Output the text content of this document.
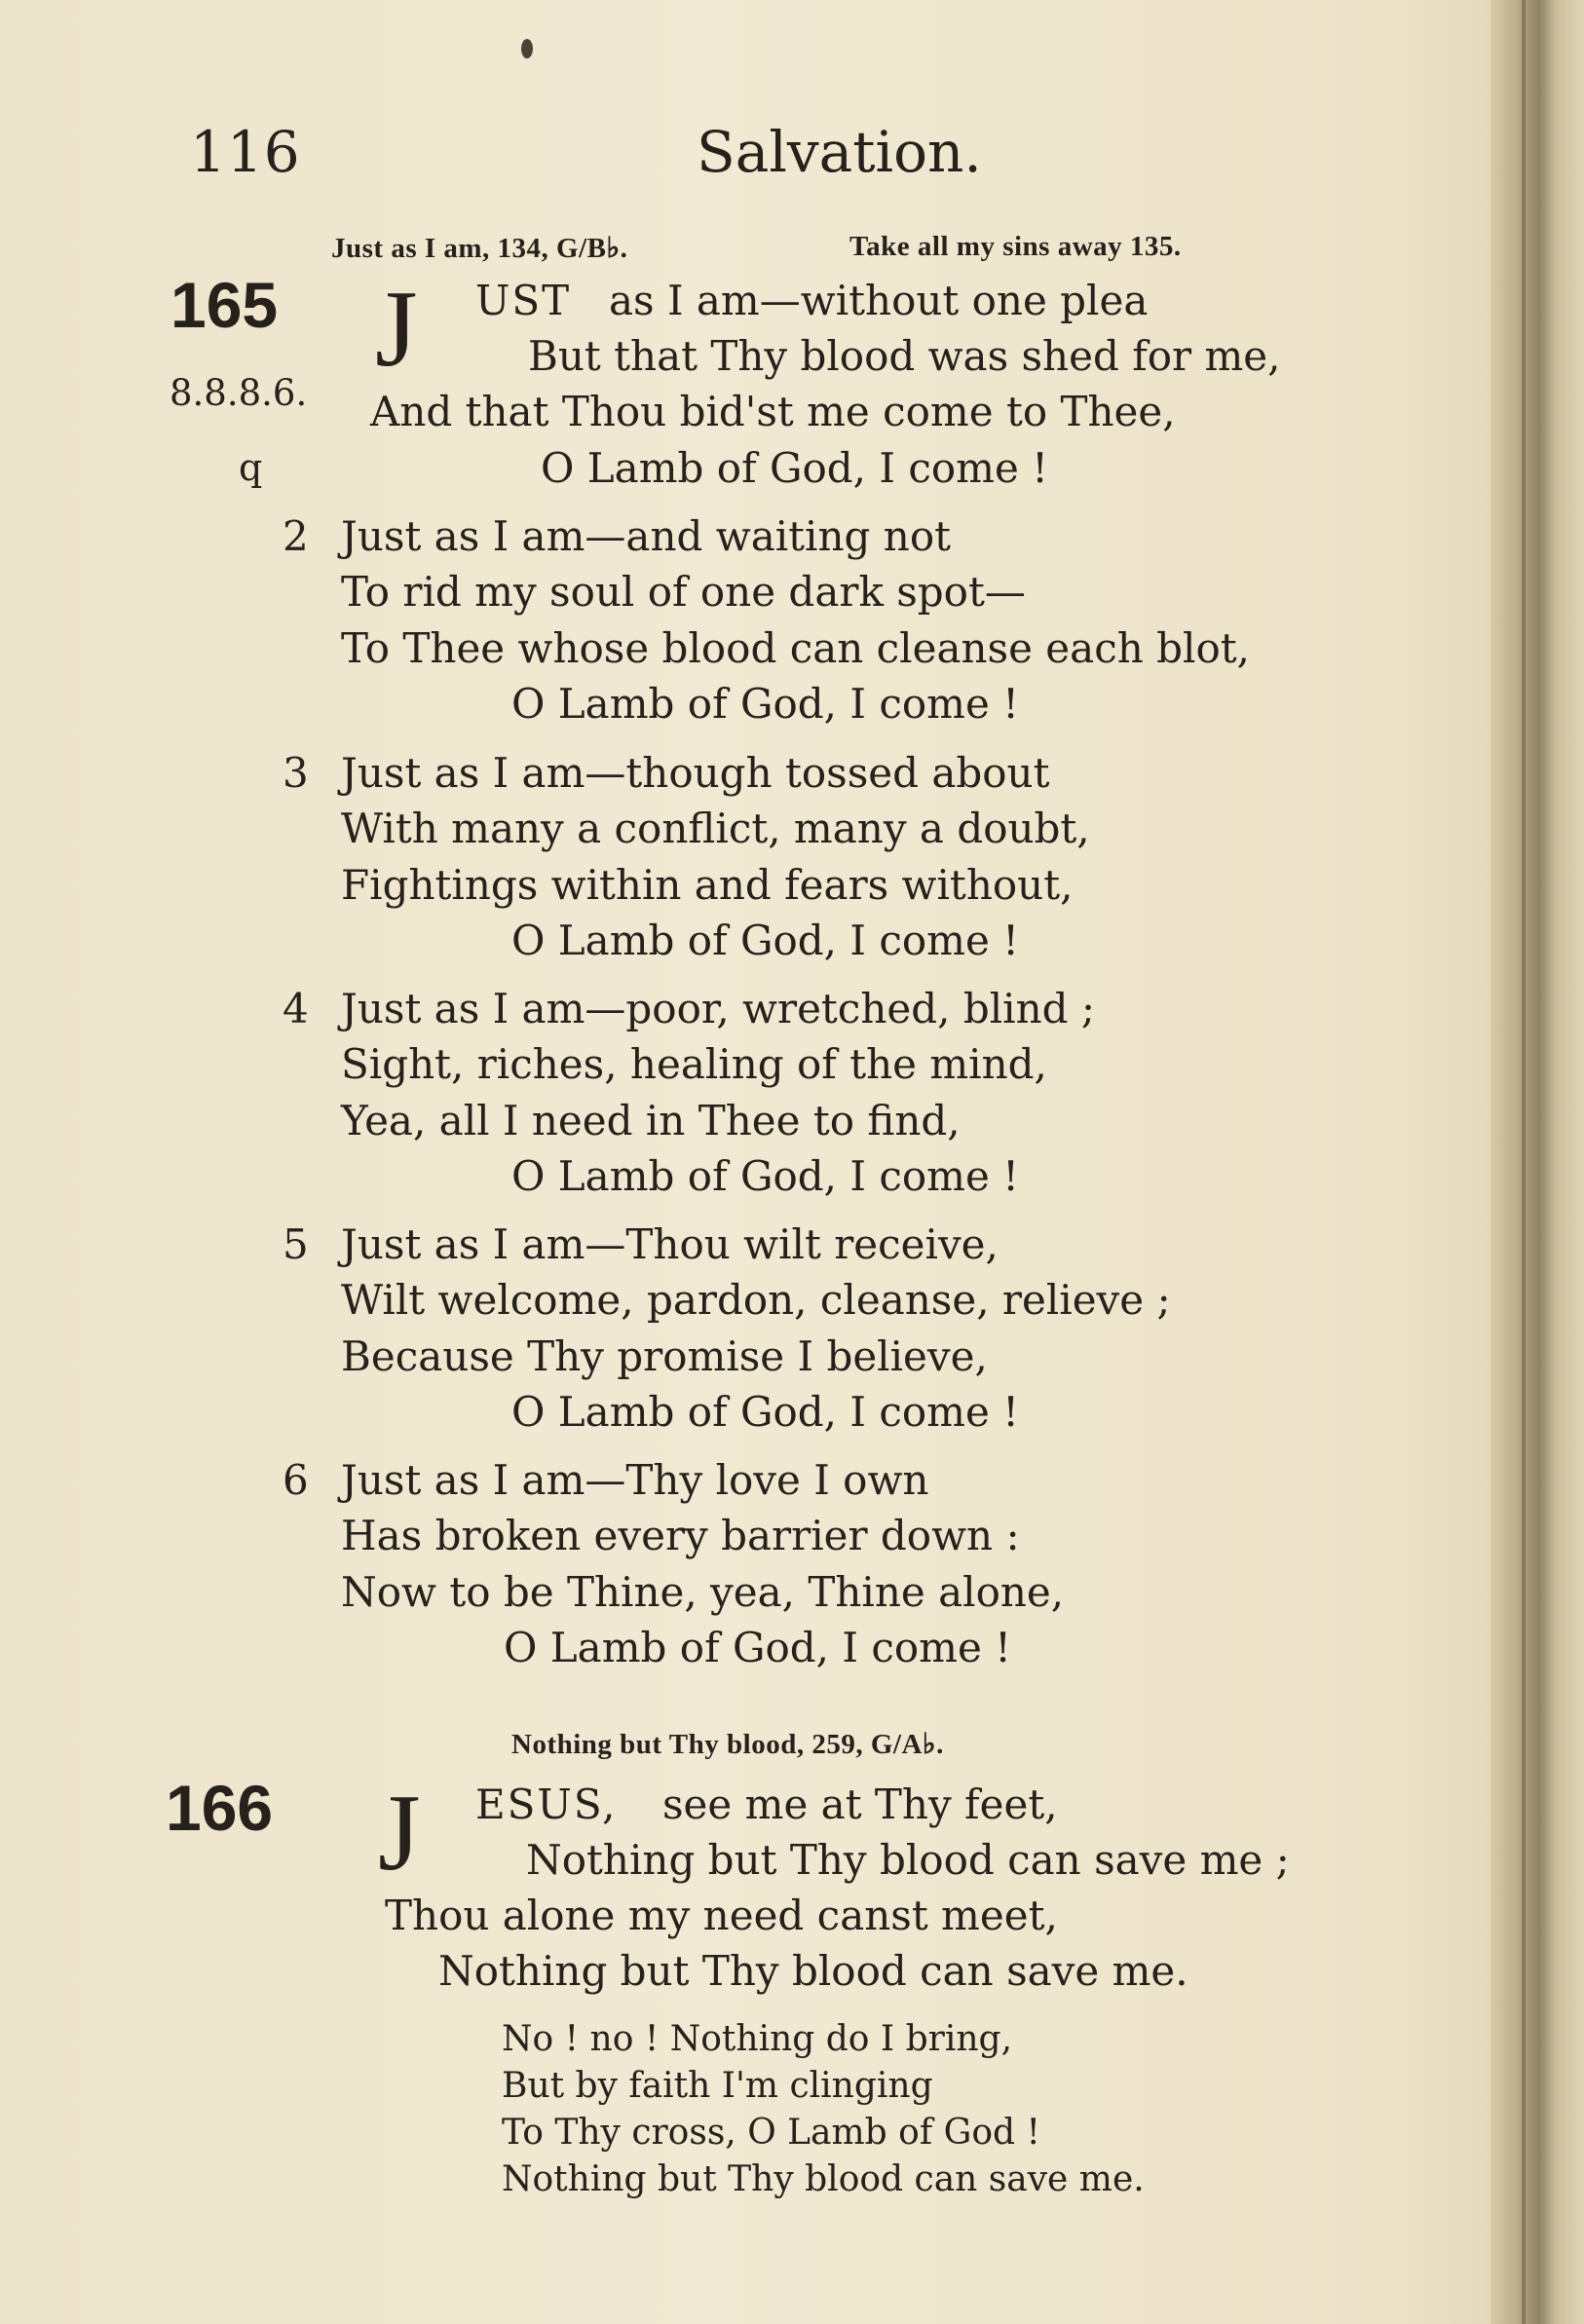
116	Salvation.
Just as I am, 134, G/B♭.	Take all my sins away 135.
165
8.8.8.6.
q
J UST as I am—without one plea
But that Thy blood was shed for me,
And that Thou bid'st me come to Thee,
O Lamb of God, I come !
2 Just as I am—and waiting not
To rid my soul of one dark spot—
To Thee whose blood can cleanse each blot,
O Lamb of God, I come !
3 Just as I am—though tossed about
With many a conflict, many a doubt,
Fightings within and fears without,
O Lamb of God, I come !
4 Just as I am—poor, wretched, blind ;
Sight, riches, healing of the mind,
Yea, all I need in Thee to find,
O Lamb of God, I come !
5 Just as I am—Thou wilt receive,
Wilt welcome, pardon, cleanse, relieve ;
Because Thy promise I believe,
O Lamb of God, I come !
6 Just as I am—Thy love I own
Has broken every barrier down :
Now to be Thine, yea, Thine alone,
O Lamb of God, I come !
Nothing but Thy blood, 259, G/A♭.
166 J ESUS, see me at Thy feet,
Nothing but Thy blood can save me ;
Thou alone my need canst meet,
Nothing but Thy blood can save me.
No ! no ! Nothing do I bring,
But by faith I'm clinging
To Thy cross, O Lamb of God !
Nothing but Thy blood can save me.
